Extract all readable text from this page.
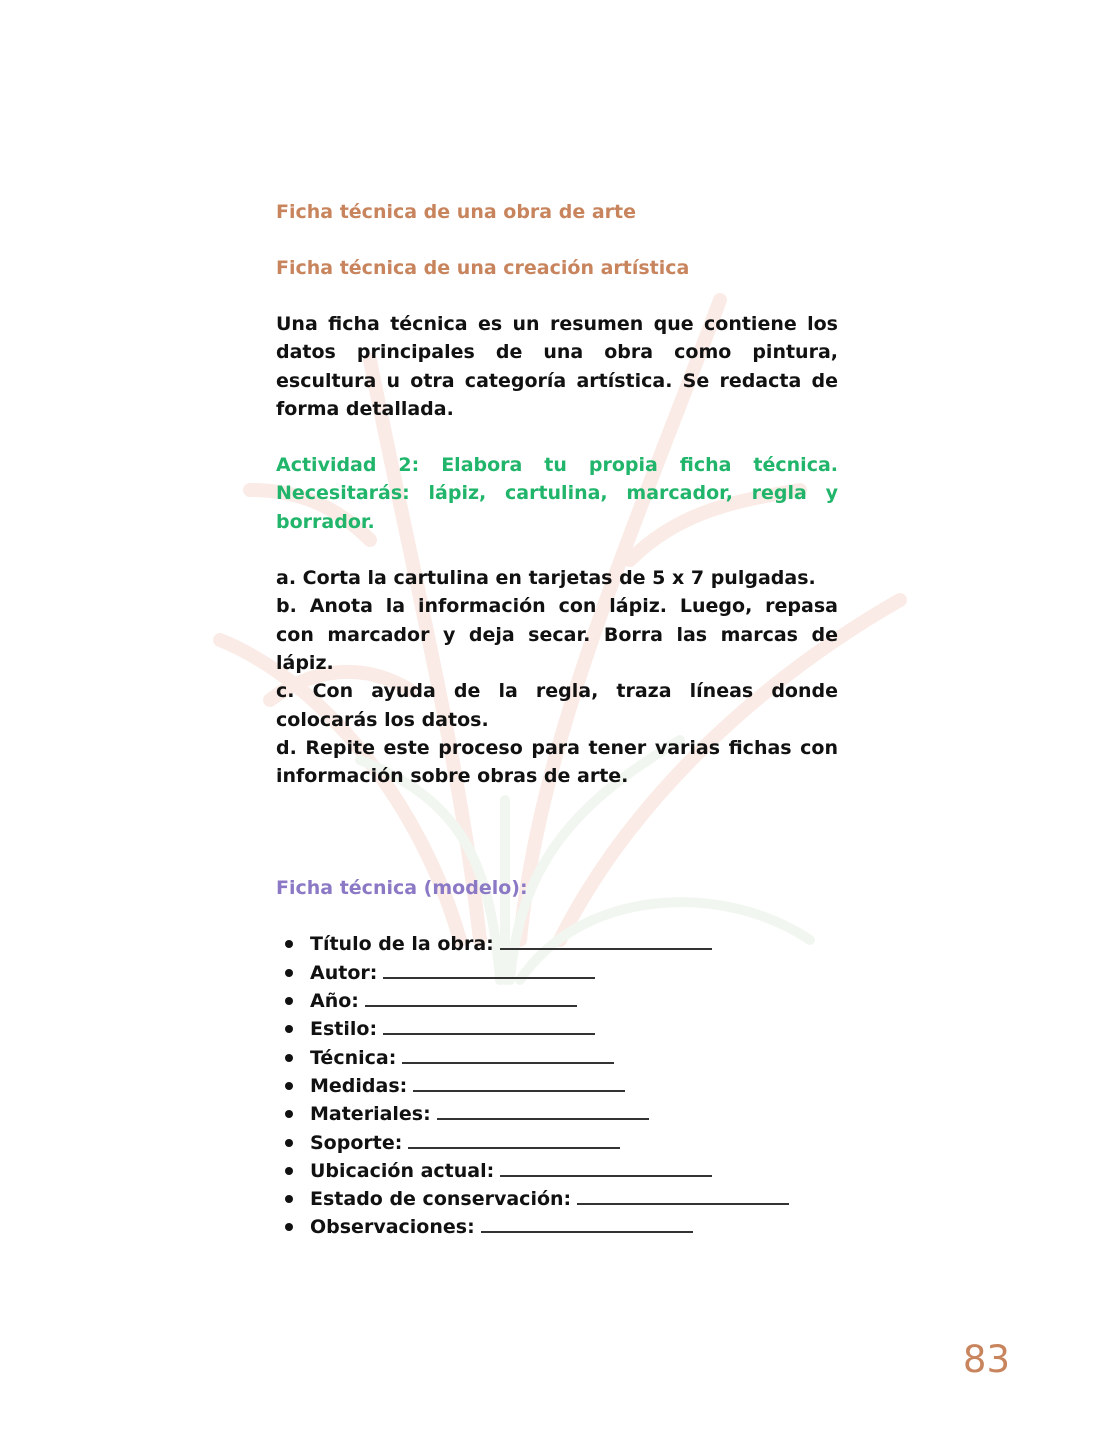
Ficha técnica de una obra de arte

Ficha técnica de una creación artística

Una ficha técnica es un resumen que contiene los datos principales de una obra como pintura, escultura u otra categoría artística. Se redacta de forma detallada.

Actividad 2: Elabora tu propia ficha técnica. Necesitarás: lápiz, cartulina, marcador, regla y borrador.

a. Corta la cartulina en tarjetas de 5 x 7 pulgadas.

b. Anota la información con lápiz. Luego, repasa con marcador y deja secar. Borra las marcas de lápiz.

c. Con ayuda de la regla, traza líneas donde colocarás los datos.

d. Repite este proceso para tener varias fichas con información sobre obras de arte.

Ficha técnica (modelo):

Título de la obra:
Autor:
Año:
Estilo:
Técnica:
Medidas:
Materiales:
Soporte:
Ubicación actual:
Estado de conservación:
Observaciones:
83
